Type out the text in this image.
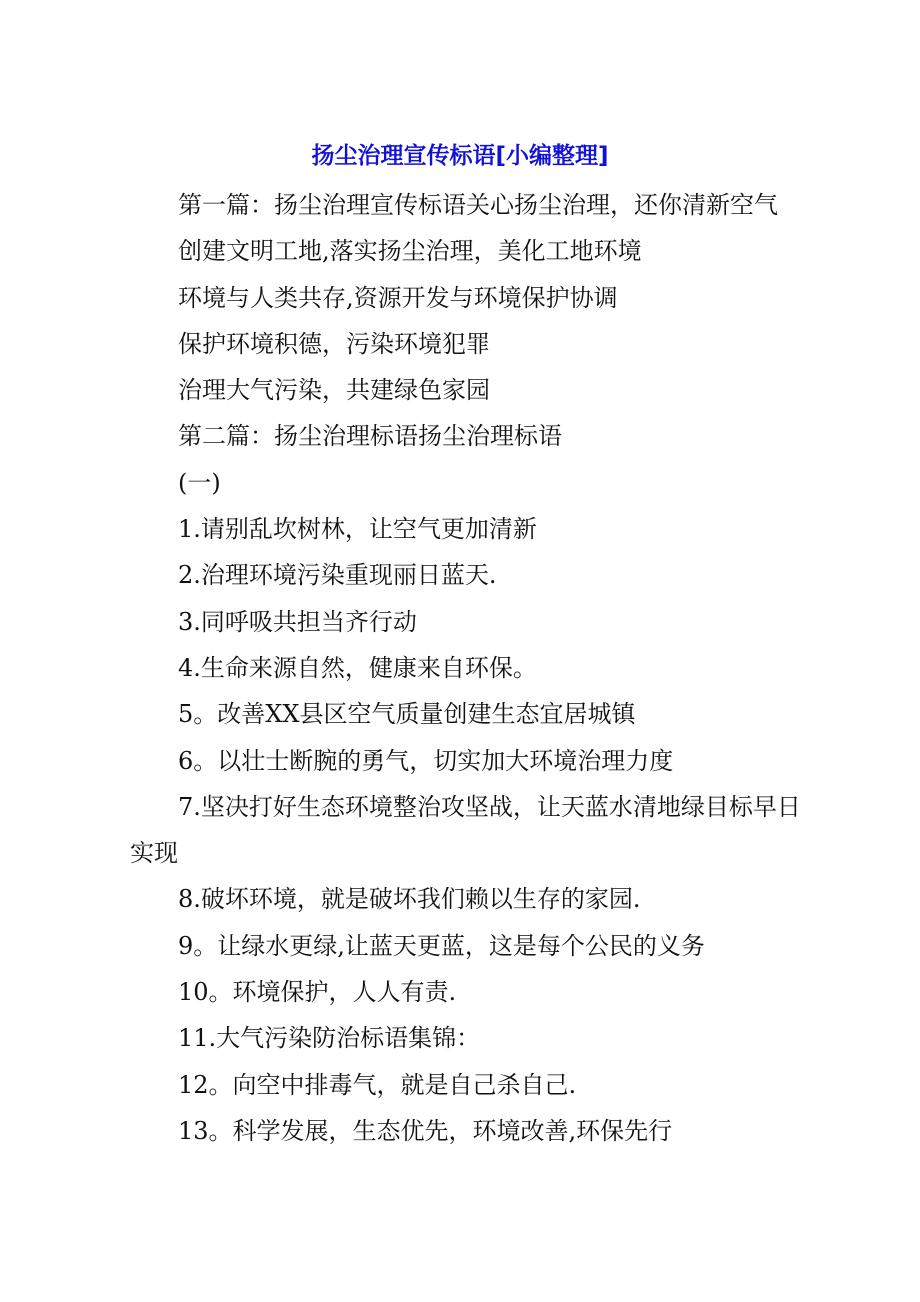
扬尘治理宣传标语[小编整理]

第一篇：扬尘治理宣传标语关心扬尘治理，还你清新空气

创建文明工地,落实扬尘治理，美化工地环境

环境与人类共存,资源开发与环境保护协调

保护环境积德，污染环境犯罪

治理大气污染，共建绿色家园

第二篇：扬尘治理标语扬尘治理标语

(一)

1.请别乱坎树林，让空气更加清新

2.治理环境污染重现丽日蓝天.

3.同呼吸共担当齐行动

4.生命来源自然，健康来自环保。

5。改善XX县区空气质量创建生态宜居城镇

6。以壮士断腕的勇气，切实加大环境治理力度

7.坚决打好生态环境整治攻坚战，让天蓝水清地绿目标早日实现

8.破坏环境，就是破坏我们赖以生存的家园.

9。让绿水更绿,让蓝天更蓝，这是每个公民的义务

10。环境保护，人人有责.

11.大气污染防治标语集锦：

12。向空中排毒气，就是自己杀自己.

13。科学发展，生态优先，环境改善,环保先行
